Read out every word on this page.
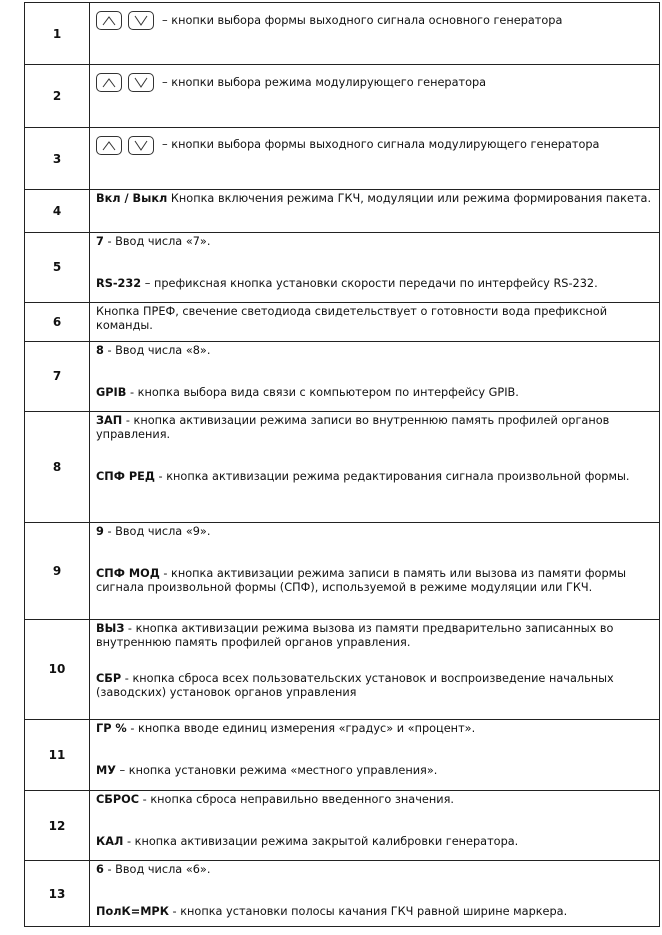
1	– кнопки выбора формы выходного сигнала основного генератора

2	– кнопки выбора режима модулирующего генератора

3	– кнопки выбора формы выходного сигнала модулирующего генератора

4	Вкл / Выкл Кнопка включения режима ГКЧ, модуляции или режима формирования пакета.
5	7 - Ввод числа «7».
RS-232 – префиксная кнопка установки скорости передачи по интерфейсу RS-232.

6	Кнопка ПРЕФ, свечение светодиода свидетельствует о готовности вода префиксной команды.
7	8 - Ввод числа «8».
GPIB - кнопка выбора вида связи с компьютером по интерфейсу GPIB.

8	ЗАП - кнопка активизации режима записи во внутреннюю память профилей органов управления.
СПФ РЕД - кнопка активизации режима редактирования сигнала произвольной формы.

9	9 - Ввод числа «9».
СПФ МОД - кнопка активизации режима записи в память или вызова из памяти формы сигнала произвольной формы (СПФ), используемой в режиме модуляции или ГКЧ.

10	ВЫЗ - кнопка активизации режима вызова из памяти предварительно записанных во внутреннюю память профилей органов управления.
СБР - кнопка сброса всех пользовательских установок и воспроизведение начальных (заводских) установок органов управления

11	ГР % - кнопка вводе единиц измерения «градус» и «процент».
МУ – кнопка установки режима «местного управления».

12	СБРОС - кнопка сброса неправильно введенного значения.
КАЛ - кнопка активизации режима закрытой калибровки генератора.

13	6 - Ввод числа «6».
ПолК=МРК - кнопка установки полосы качания ГКЧ равной ширине маркера.
